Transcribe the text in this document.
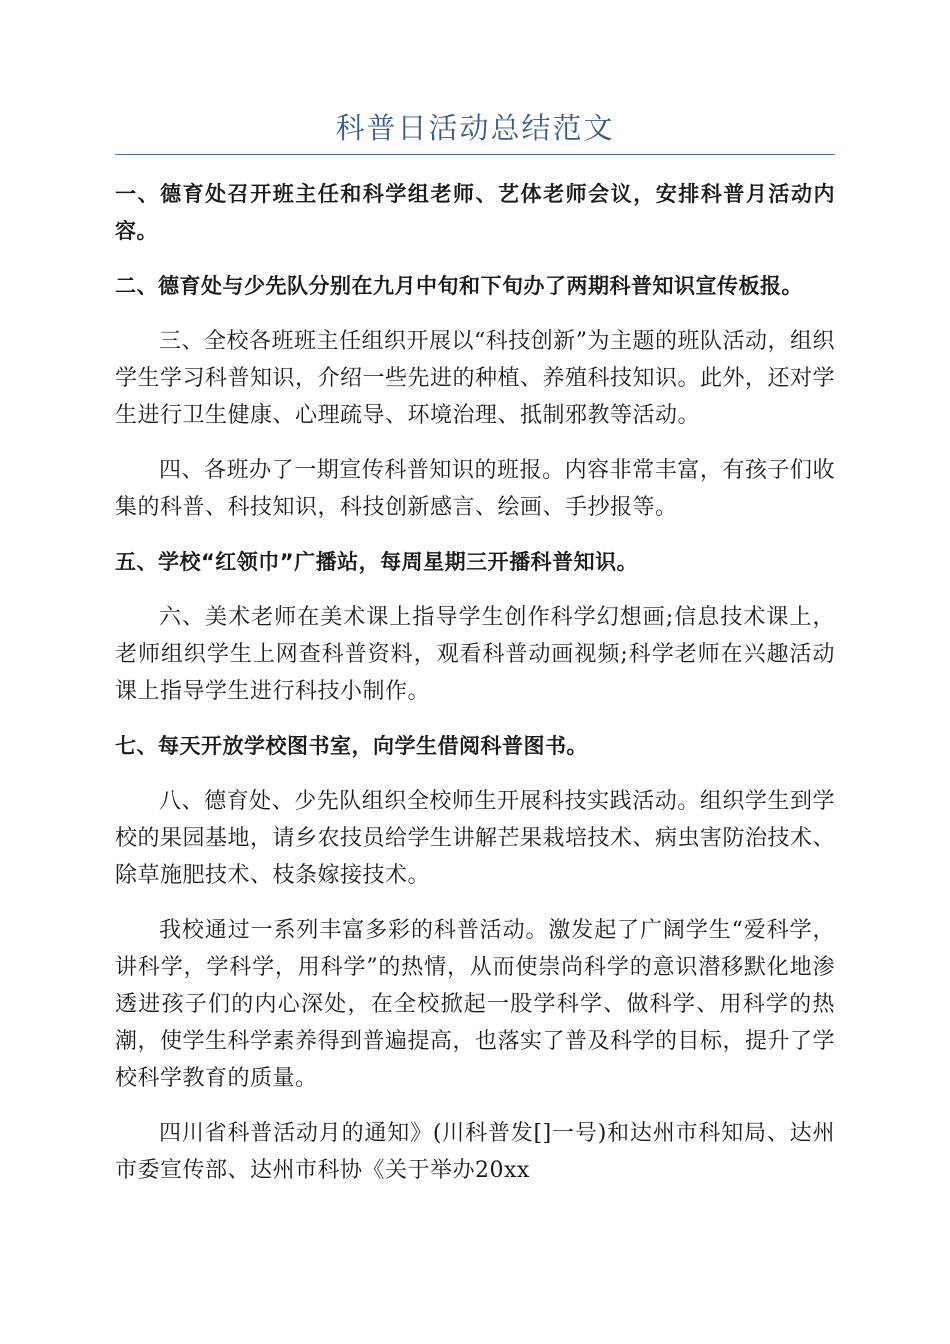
科普日活动总结范文

一、德育处召开班主任和科学组老师、艺体老师会议，安排科普月活动内容。

二、德育处与少先队分别在九月中旬和下旬办了两期科普知识宣传板报。

三、全校各班班主任组织开展以“科技创新”为主题的班队活动，组织学生学习科普知识，介绍一些先进的种植、养殖科技知识。此外，还对学生进行卫生健康、心理疏导、环境治理、抵制邪教等活动。

四、各班办了一期宣传科普知识的班报。内容非常丰富，有孩子们收集的科普、科技知识，科技创新感言、绘画、手抄报等。

五、学校“红领巾”广播站，每周星期三开播科普知识。

六、美术老师在美术课上指导学生创作科学幻想画;信息技术课上，老师组织学生上网查科普资料，观看科普动画视频;科学老师在兴趣活动课上指导学生进行科技小制作。

七、每天开放学校图书室，向学生借阅科普图书。

八、德育处、少先队组织全校师生开展科技实践活动。组织学生到学校的果园基地，请乡农技员给学生讲解芒果栽培技术、病虫害防治技术、除草施肥技术、枝条嫁接技术。

我校通过一系列丰富多彩的科普活动。激发起了广阔学生“爱科学，讲科学，学科学，用科学”的热情，从而使崇尚科学的意识潜移默化地渗透进孩子们的内心深处，在全校掀起一股学科学、做科学、用科学的热潮，使学生科学素养得到普遍提高，也落实了普及科学的目标，提升了学校科学教育的质量。

四川省科普活动月的通知》(川科普发[]一号)和达州市科知局、达州市委宣传部、达州市科协《关于举办20xx
